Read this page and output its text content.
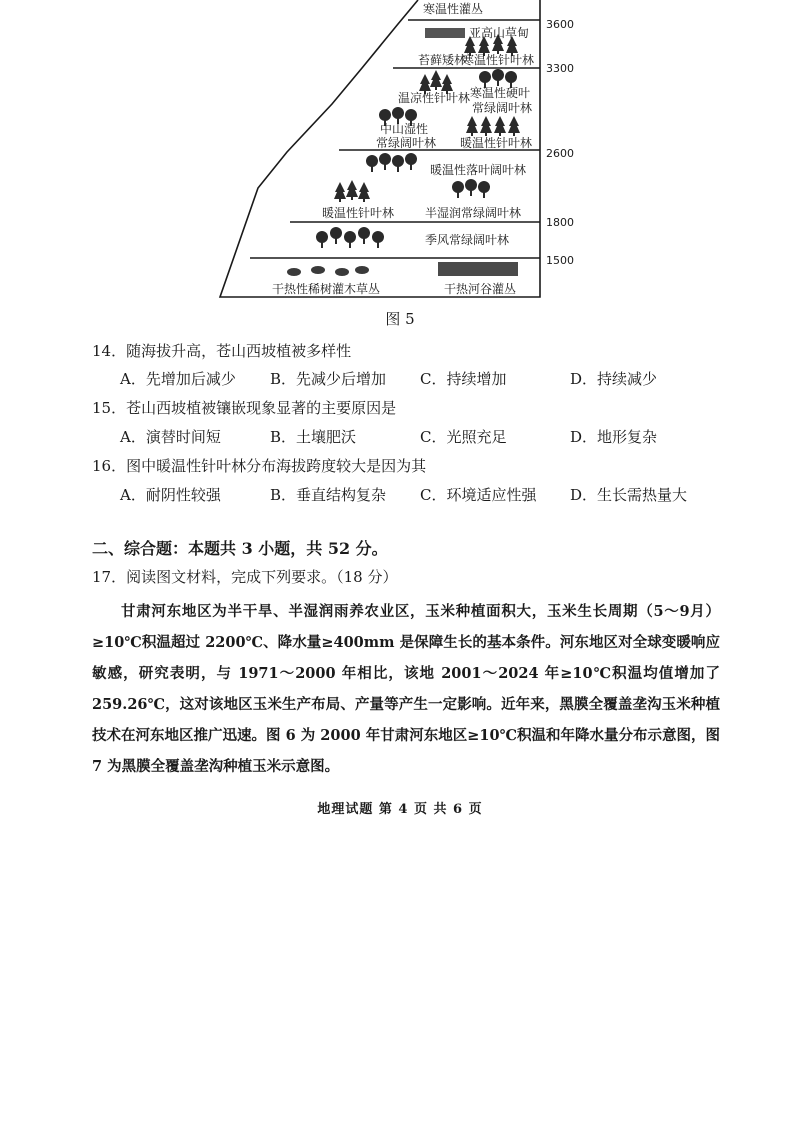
寒温性灌丛
亚高山草甸
苔藓矮林
寒温性针叶林
温凉性针叶林 寒温性硬叶
常绿阔叶林
中山湿性
常绿阔叶林 暖温性针叶林
暖温性落叶阔叶林
暖温性针叶林	半湿润常绿阔叶林
季风常绿阔叶林
干热性稀树灌木草丛	干热河谷灌丛
3600
3300
2600
1800
1500
图 5
14．随海拔升高，苍山西坡植被多样性
A．先增加后减少 B．先减少后增加 C．持续增加	D．持续减少
15．苍山西坡植被镶嵌现象显著的主要原因是
A．演替时间短	B．土壤肥沃	C．光照充足	D．地形复杂
16．图中暖温性针叶林分布海拔跨度较大是因为其
A．耐阴性较强	B．垂直结构复杂 C．环境适应性强 D．生长需热量大
二、综合题：本题共 3 小题，共 52 分。
17．阅读图文材料，完成下列要求。（18 分）

甘肃河东地区为半干旱、半湿润雨养农业区，玉米种植面积大，玉米生长周期（5～9月）≥10℃积温超过 2200℃、降水量≥400mm 是保障生长的基本条件。河东地区对全球变暖响应敏感，研究表明，与 1971～2000 年相比，该地 2001～2024 年≥10℃积温均值增加了 259.26℃，这对该地区玉米生产布局、产量等产生一定影响。近年来，黑膜全覆盖垄沟玉米种植技术在河东地区推广迅速。图 6 为 2000 年甘肃河东地区≥10℃积温和年降水量分布示意图，图 7 为黑膜全覆盖垄沟种植玉米示意图。

地理试题 第 4 页 共 6 页
